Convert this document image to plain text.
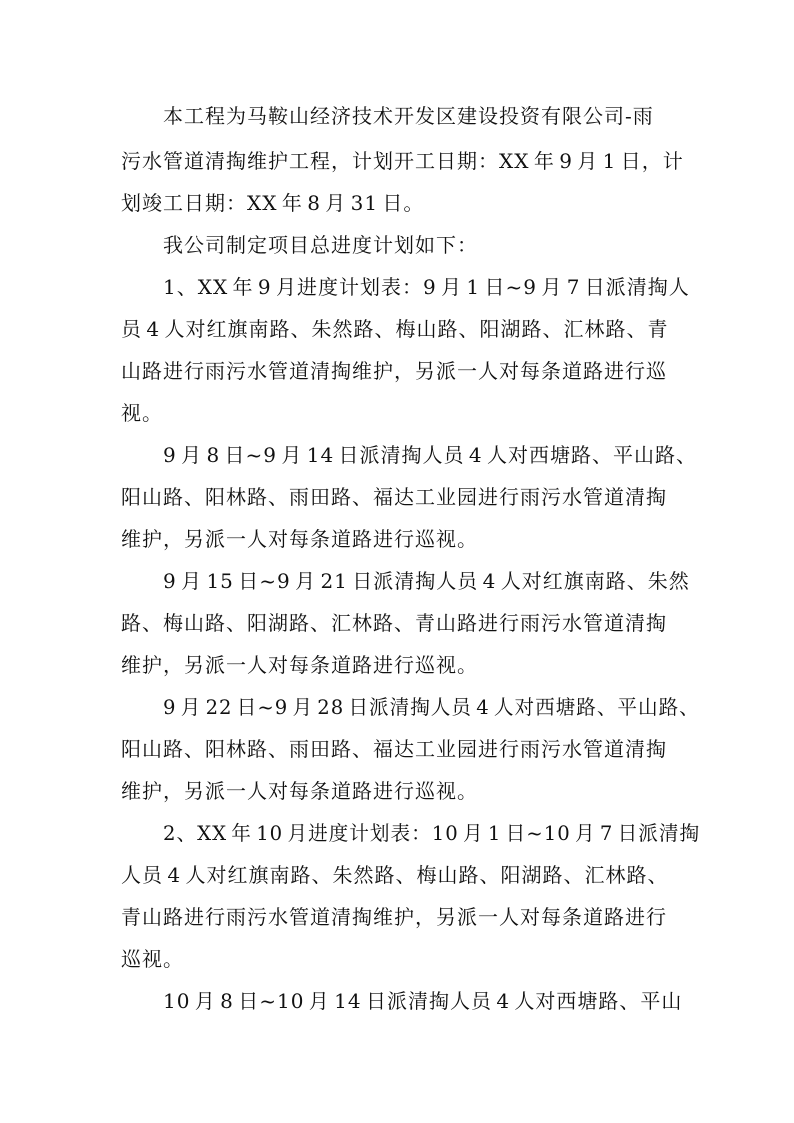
本工程为马鞍山经济技术开发区建设投资有限公司-雨
污水管道清掏维护工程，计划开工日期：XX 年 9 月 1 日，计
划竣工日期：XX 年 8 月 31 日。
我公司制定项目总进度计划如下：
1、XX 年 9 月进度计划表：9 月 1 日~9 月 7 日派清掏人
员 4 人对红旗南路、朱然路、梅山路、阳湖路、汇林路、青
山路进行雨污水管道清掏维护，另派一人对每条道路进行巡
视。
9 月 8 日~9 月 14 日派清掏人员 4 人对西塘路、平山路、
阳山路、阳林路、雨田路、福达工业园进行雨污水管道清掏
维护，另派一人对每条道路进行巡视。
9 月 15 日~9 月 21 日派清掏人员 4 人对红旗南路、朱然
路、梅山路、阳湖路、汇林路、青山路进行雨污水管道清掏
维护，另派一人对每条道路进行巡视。
9 月 22 日~9 月 28 日派清掏人员 4 人对西塘路、平山路、
阳山路、阳林路、雨田路、福达工业园进行雨污水管道清掏
维护，另派一人对每条道路进行巡视。
2、XX 年 10 月进度计划表：10 月 1 日~10 月 7 日派清掏
人员 4 人对红旗南路、朱然路、梅山路、阳湖路、汇林路、
青山路进行雨污水管道清掏维护，另派一人对每条道路进行
巡视。
10 月 8 日~10 月 14 日派清掏人员 4 人对西塘路、平山
